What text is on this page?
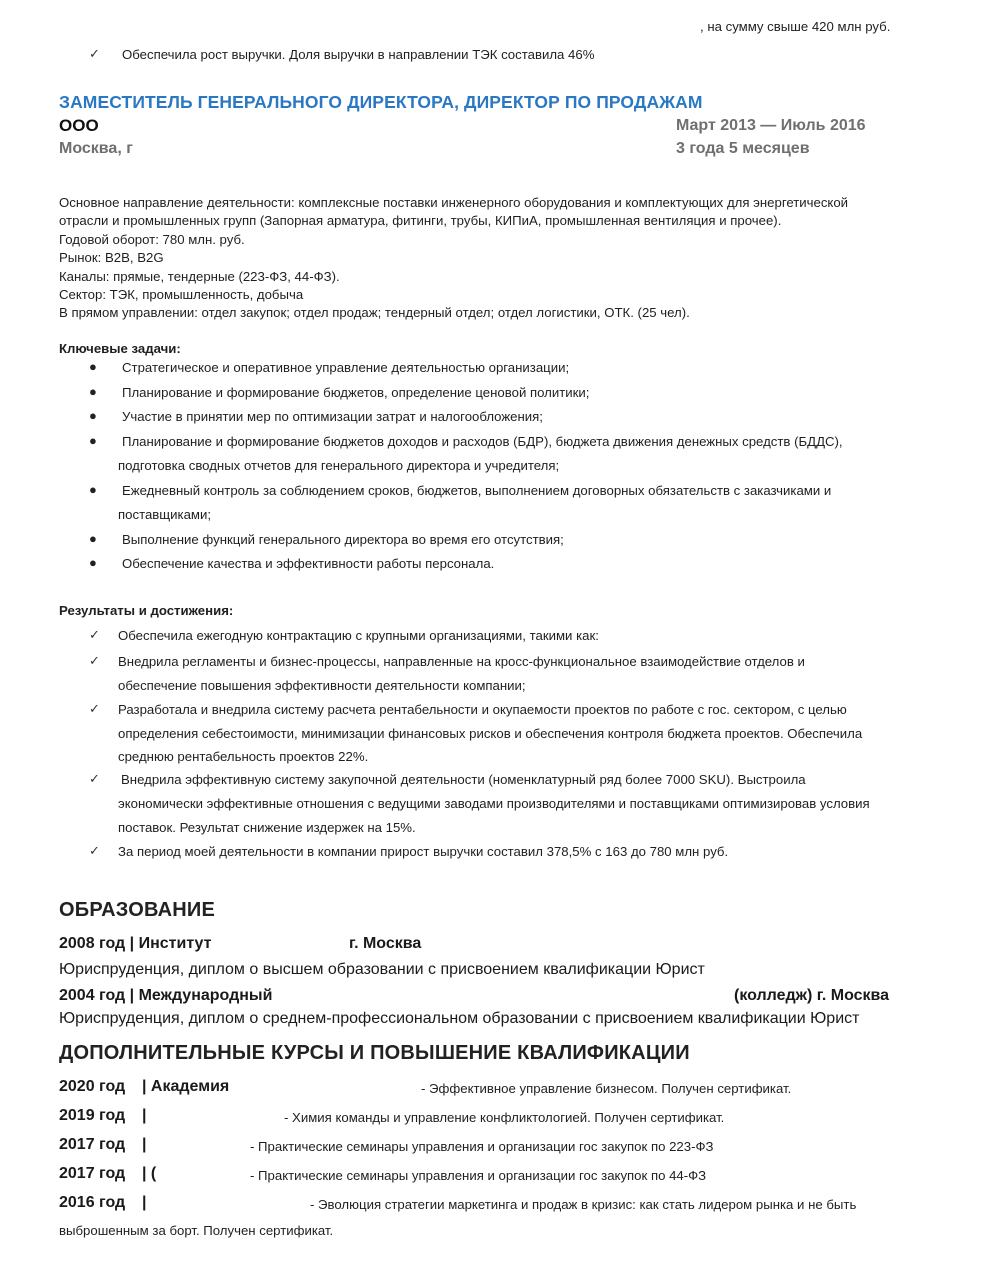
, на сумму свыше 420 млн руб.
✓ Обеспечила рост выручки. Доля выручки в направлении ТЭК составила 46%
ЗАМЕСТИТЕЛЬ ГЕНЕРАЛЬНОГО ДИРЕКТОРА, ДИРЕКТОР ПО ПРОДАЖАМ
ООО	Март 2013 — Июль 2016
Москва, г	3 года 5 месяцев
Основное направление деятельности: комплексные поставки инженерного оборудования и комплектующих для энергетической
отрасли и промышленных групп (Запорная арматура, фитинги, трубы, КИПиА, промышленная вентиляция и прочее).
Годовой оборот: 780 млн. руб.
Рынок: В2В, В2G
Каналы: прямые, тендерные (223-ФЗ, 44-ФЗ).
Сектор: ТЭК, промышленность, добыча
В прямом управлении: отдел закупок; отдел продаж; тендерный отдел; отдел логистики, ОТК. (25 чел).
Ключевые задачи:
● Стратегическое и оперативное управление деятельностью организации;
● Планирование и формирование бюджетов, определение ценовой политики;
● Участие в принятии мер по оптимизации затрат и налогообложения;
● Планирование и формирование бюджетов доходов и расходов (БДР), бюджета движения денежных средств (БДДС),
подготовка сводных отчетов для генерального директора и учредителя;
● Ежедневный контроль за соблюдением сроков, бюджетов, выполнением договорных обязательств с заказчиками и
поставщиками;
● Выполнение функций генерального директора во время его отсутствия;
● Обеспечение качества и эффективности работы персонала.
Результаты и достижения:
✓ Обеспечила ежегодную контрактацию с крупными организациями, такими как:
✓ Внедрила регламенты и бизнес-процессы, направленные на кросс-функциональное взаимодействие отделов и
обеспечение повышения эффективности деятельности компании;
✓ Разработала и внедрила систему расчета рентабельности и окупаемости проектов по работе с гос. сектором, с целью
определения себестоимости, минимизации финансовых рисков и обеспечения контроля бюджета проектов. Обеспечила
среднюю рентабельность проектов 22%.
✓ Внедрила эффективную систему закупочной деятельности (номенклатурный ряд более 7000 SKU). Выстроила
экономически эффективные отношения с ведущими заводами производителями и поставщиками оптимизировав условия
поставок. Результат снижение издержек на 15%.
✓ За период моей деятельности в компании прирост выручки составил 378,5% с 163 до 780 млн руб.
ОБРАЗОВАНИЕ
2008 год | Институт	г. Москва
Юриспруденция, диплом о высшем образовании с присвоением квалификации Юрист
2004 год | Международный	(колледж) г. Москва
Юриспруденция, диплом о среднем-профессиональном образовании с присвоением квалификации Юрист
ДОПОЛНИТЕЛЬНЫЕ КУРСЫ И ПОВЫШЕНИЕ КВАЛИФИКАЦИИ
2020 год | Академия	- Эффективное управление бизнесом. Получен сертификат.
2019 год |	- Химия команды и управление конфликтологией. Получен сертификат.
2017 год |	- Практические семинары управления и организации гос закупок по 223-ФЗ
2017 год | (	- Практические семинары управления и организации гос закупок по 44-ФЗ
2016 год |	- Эволюция стратегии маркетинга и продаж в кризис: как стать лидером рынка и не быть
выброшенным за борт. Получен сертификат.
